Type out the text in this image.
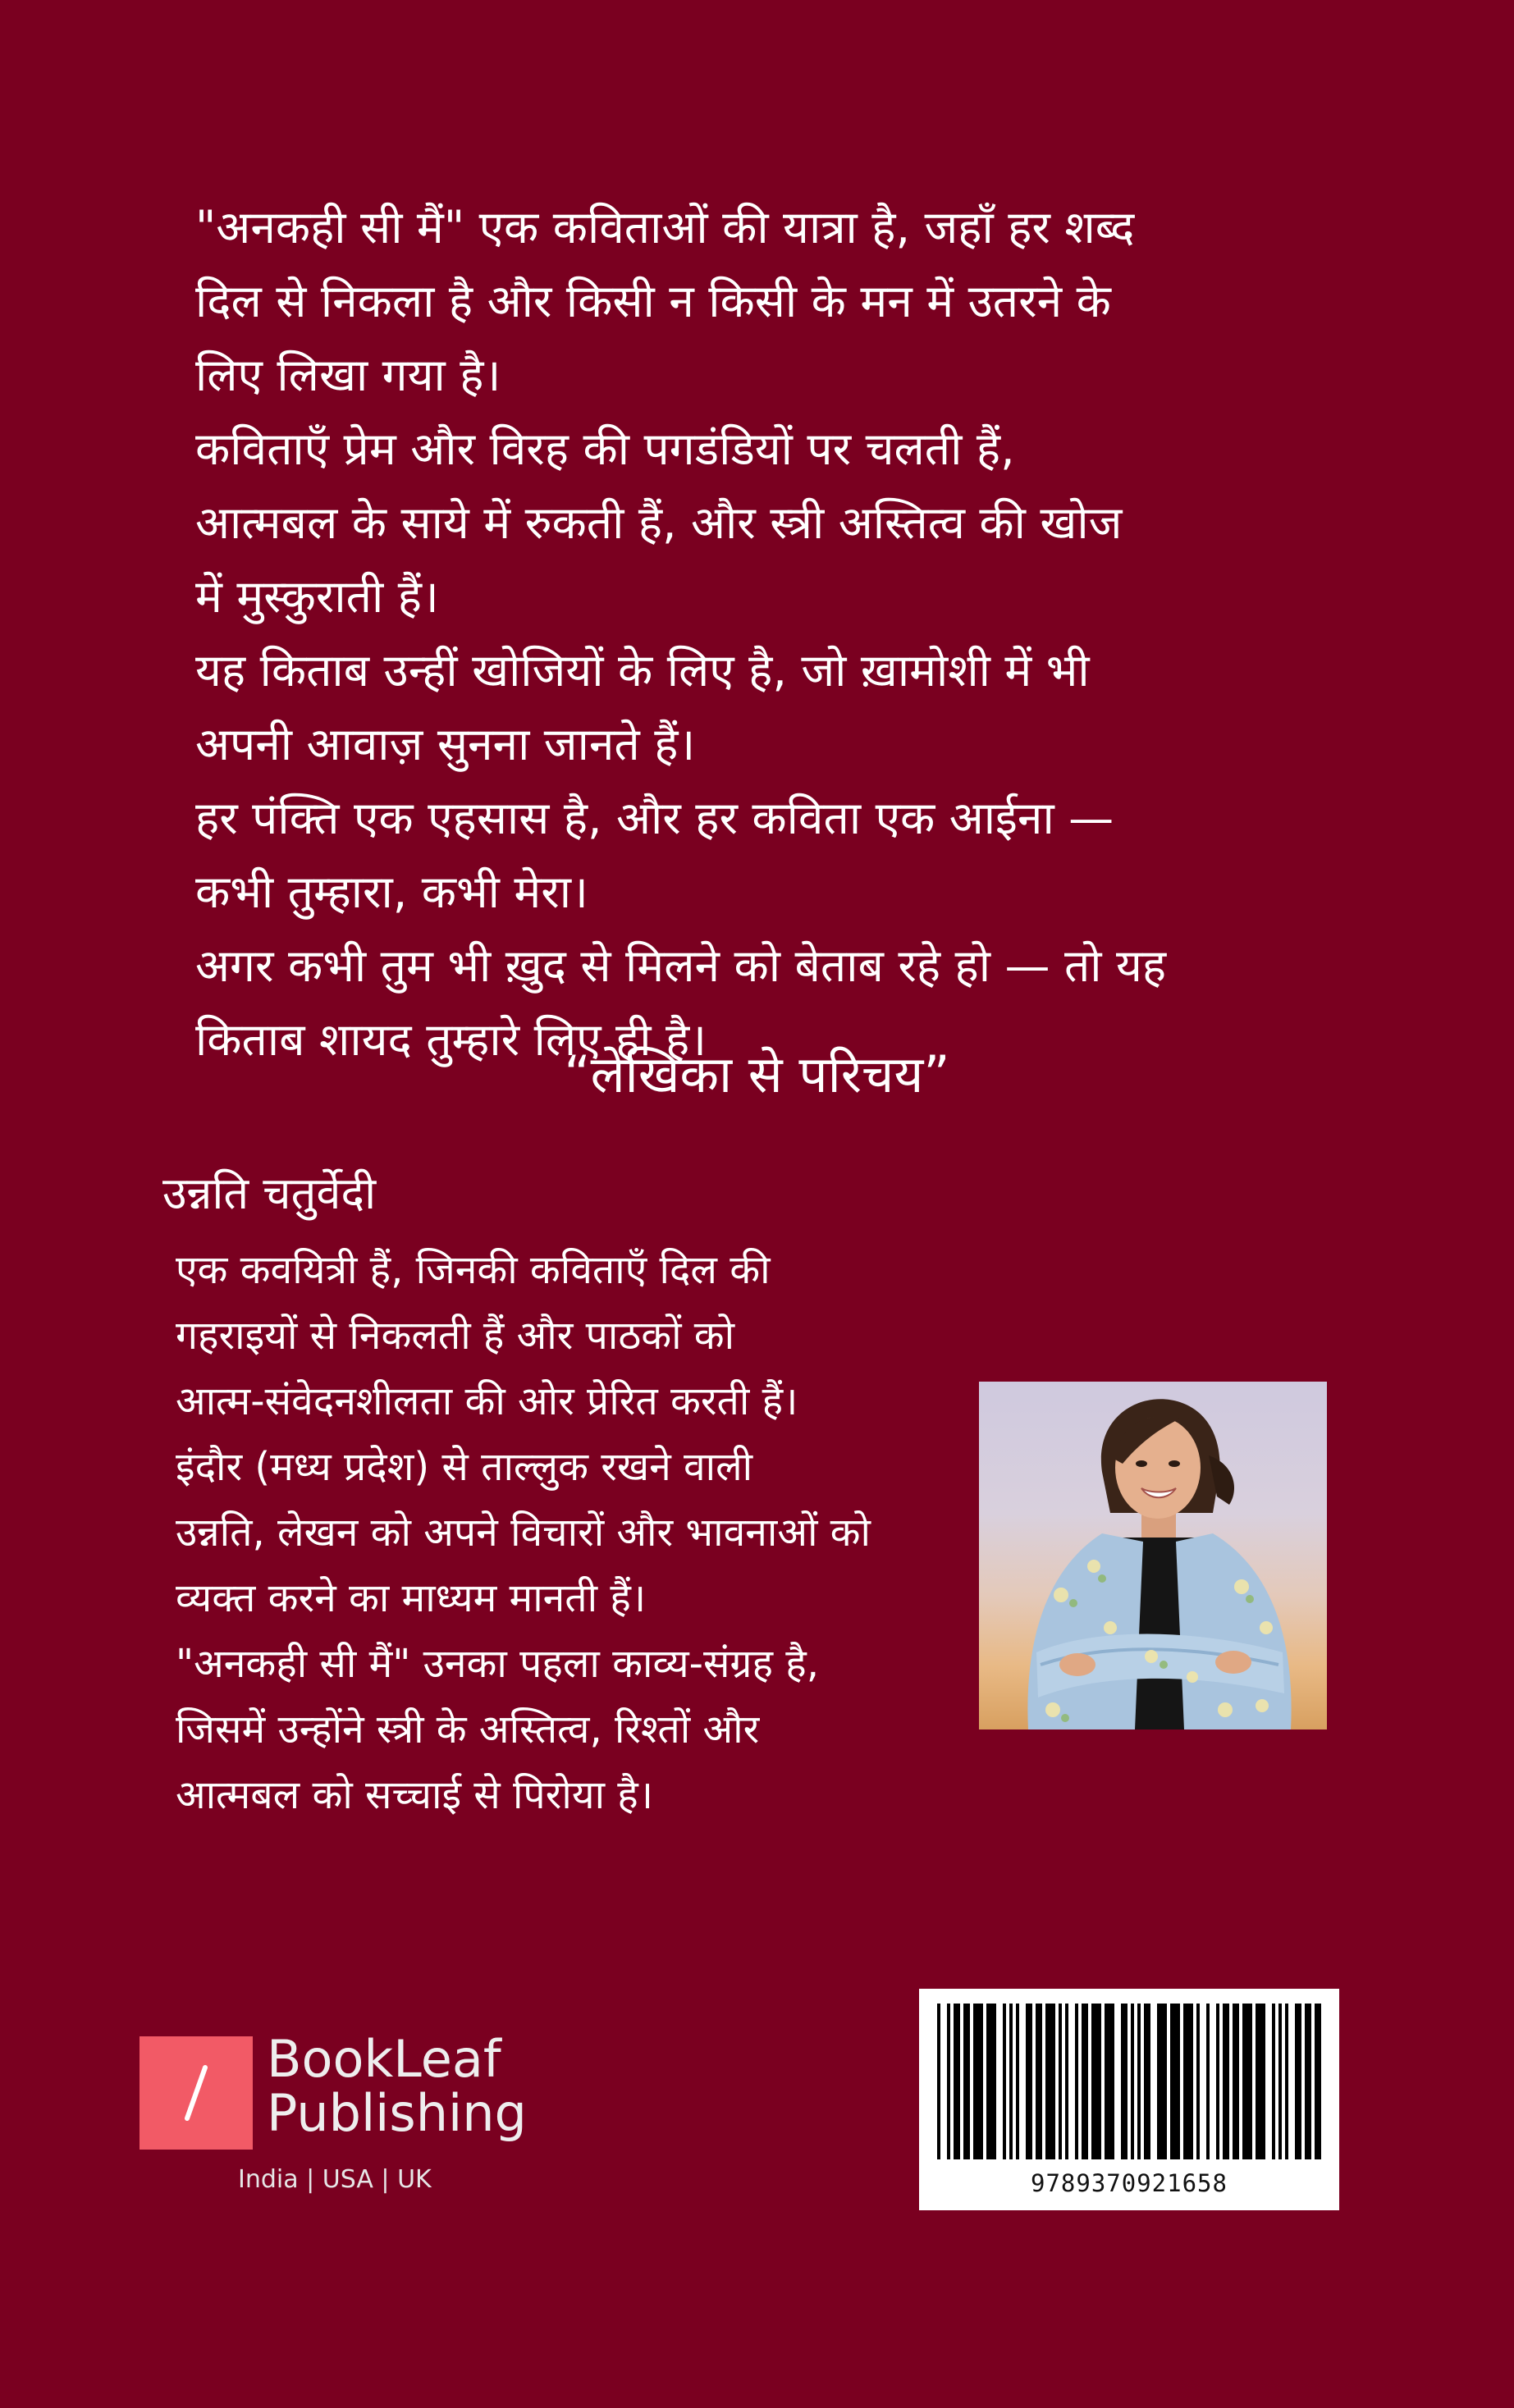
"अनकही सी मैं" एक कविताओं की यात्रा है, जहाँ हर शब्द
दिल से निकला है और किसी न किसी के मन में उतरने के
लिए लिखा गया है।
कविताएँ प्रेम और विरह की पगडंडियों पर चलती हैं,
आत्मबल के साये में रुकती हैं, और स्त्री अस्तित्व की खोज
में मुस्कुराती हैं।
यह किताब उन्हीं खोजियों के लिए है, जो ख़ामोशी में भी
अपनी आवाज़ सुनना जानते हैं।
हर पंक्ति एक एहसास है, और हर कविता एक आईना —
कभी तुम्हारा, कभी मेरा।
अगर कभी तुम भी ख़ुद से मिलने को बेताब रहे हो — तो यह
किताब शायद तुम्हारे लिए ही है।
“लेखिका से परिचय”
उन्नति चतुर्वेदी
एक कवयित्री हैं, जिनकी कविताएँ दिल की
गहराइयों से निकलती हैं और पाठकों को
आत्म-संवेदनशीलता की ओर प्रेरित करती हैं।
इंदौर (मध्य प्रदेश) से ताल्लुक रखने वाली
उन्नति, लेखन को अपने विचारों और भावनाओं को
व्यक्त करने का माध्यम मानती हैं।
"अनकही सी मैं" उनका पहला काव्य-संग्रह है,
जिसमें उन्होंने स्त्री के अस्तित्व, रिश्तों और
आत्मबल को सच्चाई से पिरोया है।
BookLeaf
Publishing
India | USA | UK	9789370921658
